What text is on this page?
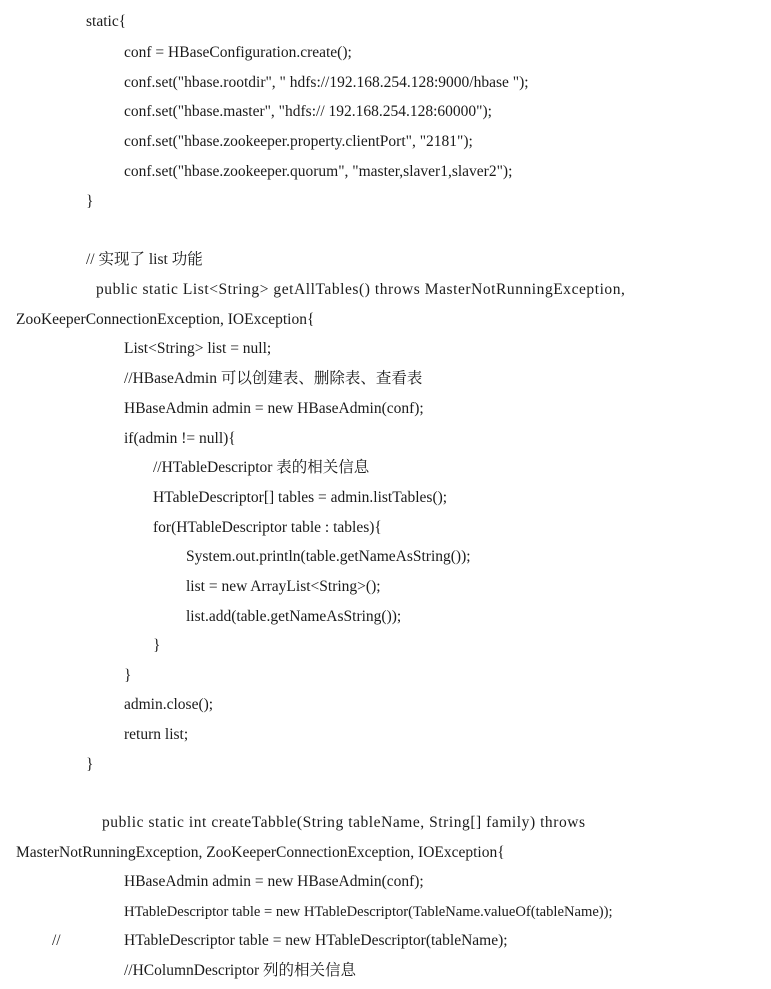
static{
conf = HBaseConfiguration.create();
conf.set("hbase.rootdir", " hdfs://192.168.254.128:9000/hbase ");
conf.set("hbase.master", "hdfs:// 192.168.254.128:60000");
conf.set("hbase.zookeeper.property.clientPort", "2181");
conf.set("hbase.zookeeper.quorum", "master,slaver1,slaver2");
}
// 实现了 list 功能
public static List<String> getAllTables() throws MasterNotRunningException,
ZooKeeperConnectionException, IOException{
List<String> list = null;
//HBaseAdmin 可以创建表、删除表、查看表
HBaseAdmin admin = new HBaseAdmin(conf);
if(admin != null){
//HTableDescriptor 表的相关信息
HTableDescriptor[] tables = admin.listTables();
for(HTableDescriptor table : tables){
System.out.println(table.getNameAsString());
list = new ArrayList<String>();
list.add(table.getNameAsString());
}
}
admin.close();
return list;
}
public static int createTabble(String tableName, String[] family) throws
MasterNotRunningException, ZooKeeperConnectionException, IOException{
HBaseAdmin admin = new HBaseAdmin(conf);
HTableDescriptor table = new HTableDescriptor(TableName.valueOf(tableName));
//	HTableDescriptor table = new HTableDescriptor(tableName);
//HColumnDescriptor 列的相关信息
